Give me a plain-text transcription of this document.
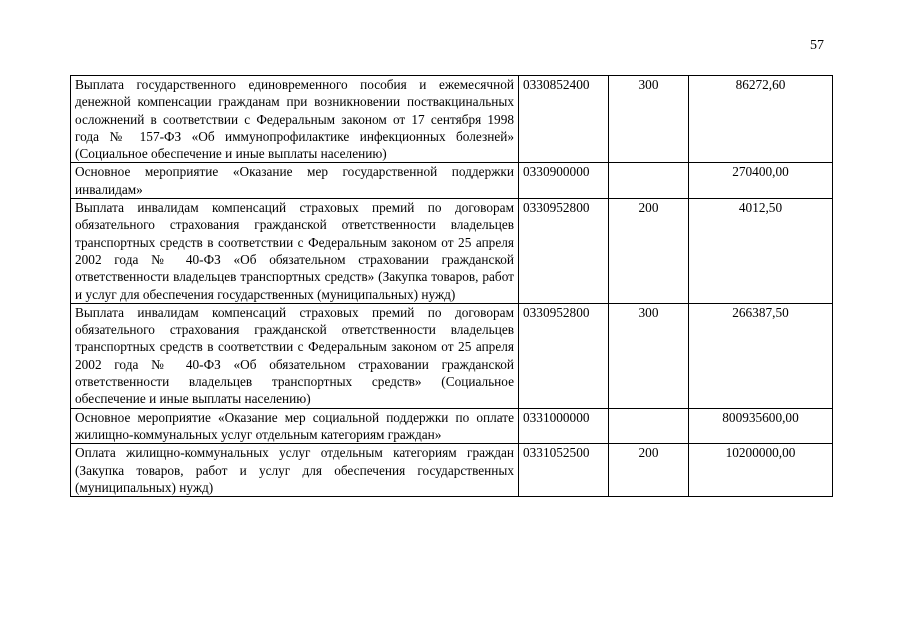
57
Выплата государственного единовременного пособия и ежемесячной денежной компенсации гражданам при возникновении поствакцинальных осложнений в соответствии с Федеральным законом от 17 сентября 1998 года № 157-ФЗ «Об иммунопрофилактике инфекционных болезней» (Социальное обеспечение и иные выплаты населению)	0330852400	300	86272,60
Основное мероприятие «Оказание мер государственной поддержки инвалидам»	0330900000		270400,00
Выплата инвалидам компенсаций страховых премий по договорам обязательного страхования гражданской ответственности владельцев транспортных средств в соответствии с Федеральным законом от 25 апреля 2002 года № 40-ФЗ «Об обязательном страховании гражданской ответственности владельцев транспортных средств» (Закупка товаров, работ и услуг для обеспечения государственных (муниципальных) нужд)	0330952800	200	4012,50
Выплата инвалидам компенсаций страховых премий по договорам обязательного страхования гражданской ответственности владельцев транспортных средств в соответствии с Федеральным законом от 25 апреля 2002 года № 40-ФЗ «Об обязательном страховании гражданской ответственности владельцев транспортных средств» (Социальное обеспечение и иные выплаты населению)	0330952800	300	266387,50
Основное мероприятие «Оказание мер социальной поддержки по оплате жилищно-коммунальных услуг отдельным категориям граждан»	0331000000		800935600,00
Оплата жилищно-коммунальных услуг отдельным категориям граждан (Закупка товаров, работ и услуг для обеспечения государственных (муниципальных) нужд)	0331052500	200	10200000,00
